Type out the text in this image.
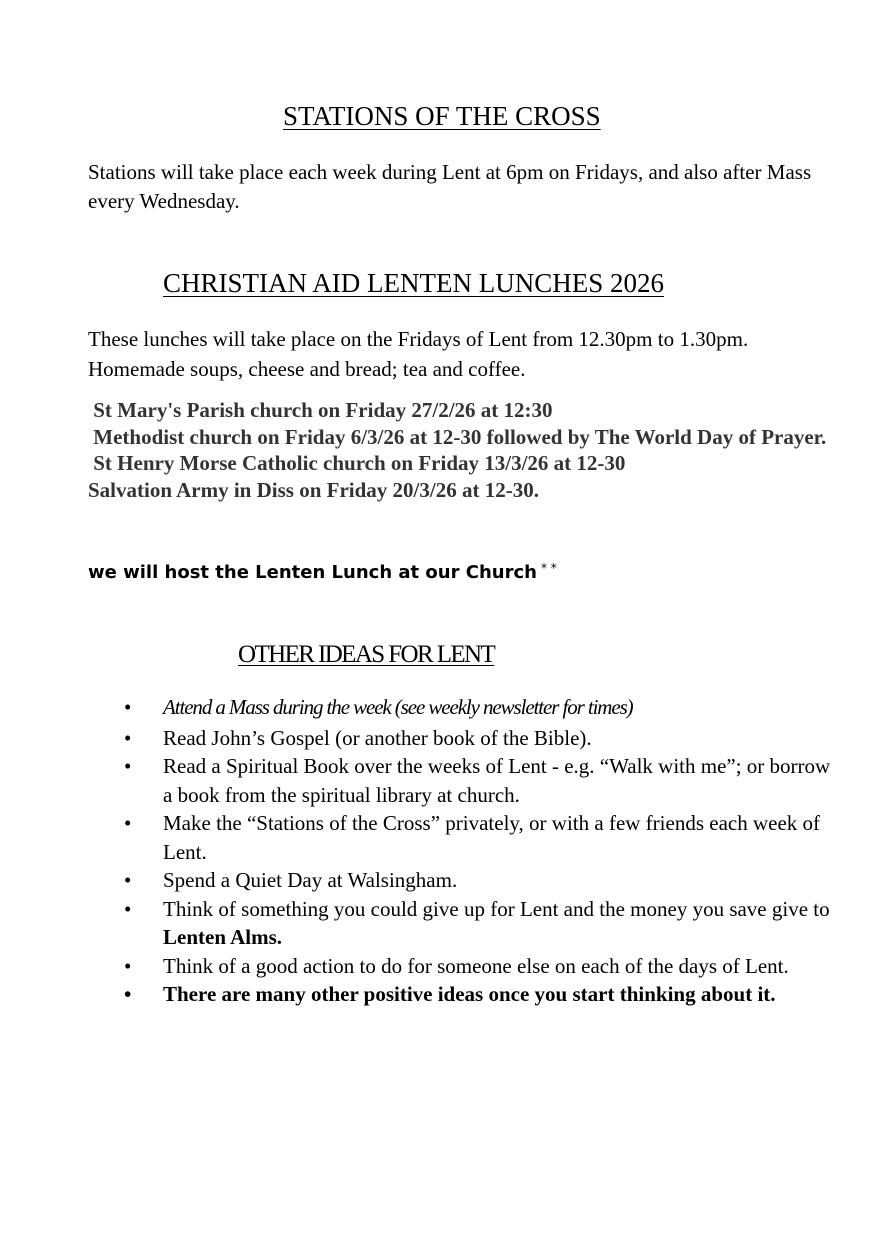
STATIONS OF THE CROSS

Stations will take place each week during Lent at 6pm on Fridays, and also after Mass every Wednesday.

CHRISTIAN AID LENTEN LUNCHES 2026

These lunches will take place on the Fridays of Lent from 12.30pm to 1.30pm. Homemade soups, cheese and bread; tea and coffee.

St Mary's Parish church on Friday 27/2/26 at 12:30
Methodist church on Friday 6/3/26 at 12-30 followed by The World Day of Prayer.
St Henry Morse Catholic church on Friday 13/3/26 at 12-30
Salvation Army in Diss on Friday 20/3/26 at 12-30.
we will host the Lenten Lunch at our Church * *
OTHER IDEAS FOR LENT
• Attend a Mass during the week (see weekly newsletter for times)
• Read John’s Gospel (or another book of the Bible).
• Read a Spiritual Book over the weeks of Lent - e.g. “Walk with me”; or borrow a book from the spiritual library at church.
• Make the “Stations of the Cross” privately, or with a few friends each week of Lent.
• Spend a Quiet Day at Walsingham.
• Think of something you could give up for Lent and the money you save give to Lenten Alms.
• Think of a good action to do for someone else on each of the days of Lent.
• There are many other positive ideas once you start thinking about it.
